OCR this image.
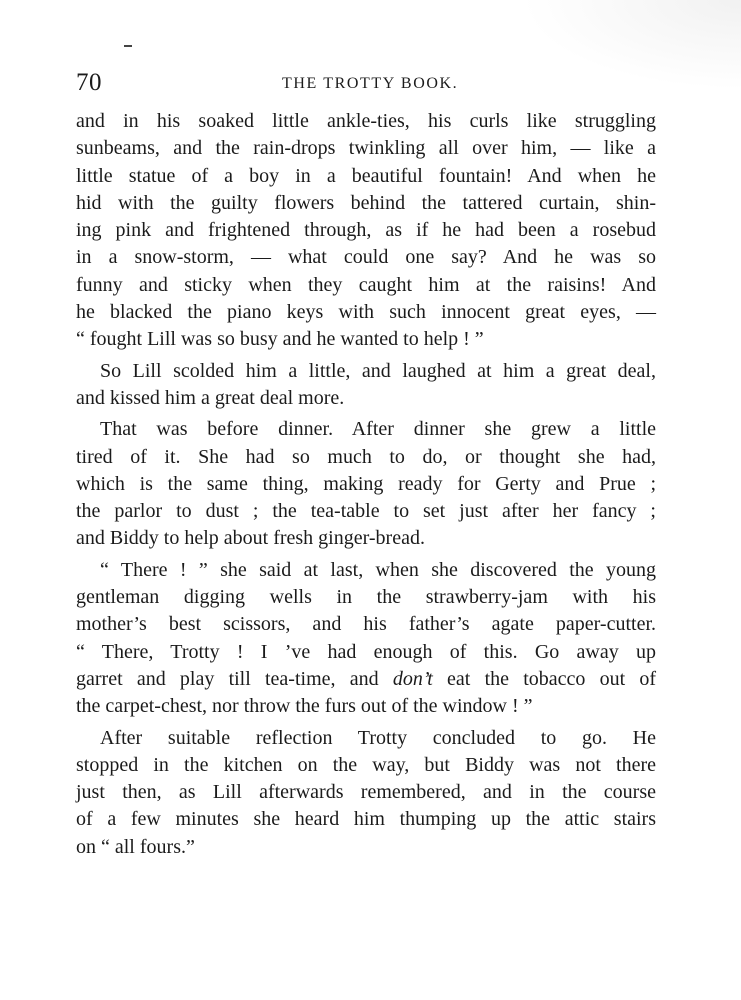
70	THE TROTTY BOOK.
and in his soaked little ankle-ties, his curls like struggling
sunbeams, and the rain-drops twinkling all over him, — like a
little statue of a boy in a beautiful fountain! And when he
hid with the guilty flowers behind the tattered curtain, shin-
ing pink and frightened through, as if he had been a rosebud
in a snow-storm, — what could one say? And he was so
funny and sticky when they caught him at the raisins! And
he blacked the piano keys with such innocent great eyes, —
“ fought Lill was so busy and he wanted to help ! ”
So Lill scolded him a little, and laughed at him a great deal,
and kissed him a great deal more.
That was before dinner. After dinner she grew a little
tired of it. She had so much to do, or thought she had,
which is the same thing, making ready for Gerty and Prue ;
the parlor to dust ; the tea-table to set just after her fancy ;
and Biddy to help about fresh ginger-bread.
“ There ! ” she said at last, when she discovered the young
gentleman digging wells in the strawberry-jam with his
mother’s best scissors, and his father’s agate paper-cutter.
“ There, Trotty ! I ’ve had enough of this. Go away up
garret and play till tea-time, and don’t eat the tobacco out of
the carpet-chest, nor throw the furs out of the window ! ”
After suitable reflection Trotty concluded to go. He
stopped in the kitchen on the way, but Biddy was not there
just then, as Lill afterwards remembered, and in the course
of a few minutes she heard him thumping up the attic stairs
on “ all fours.”
